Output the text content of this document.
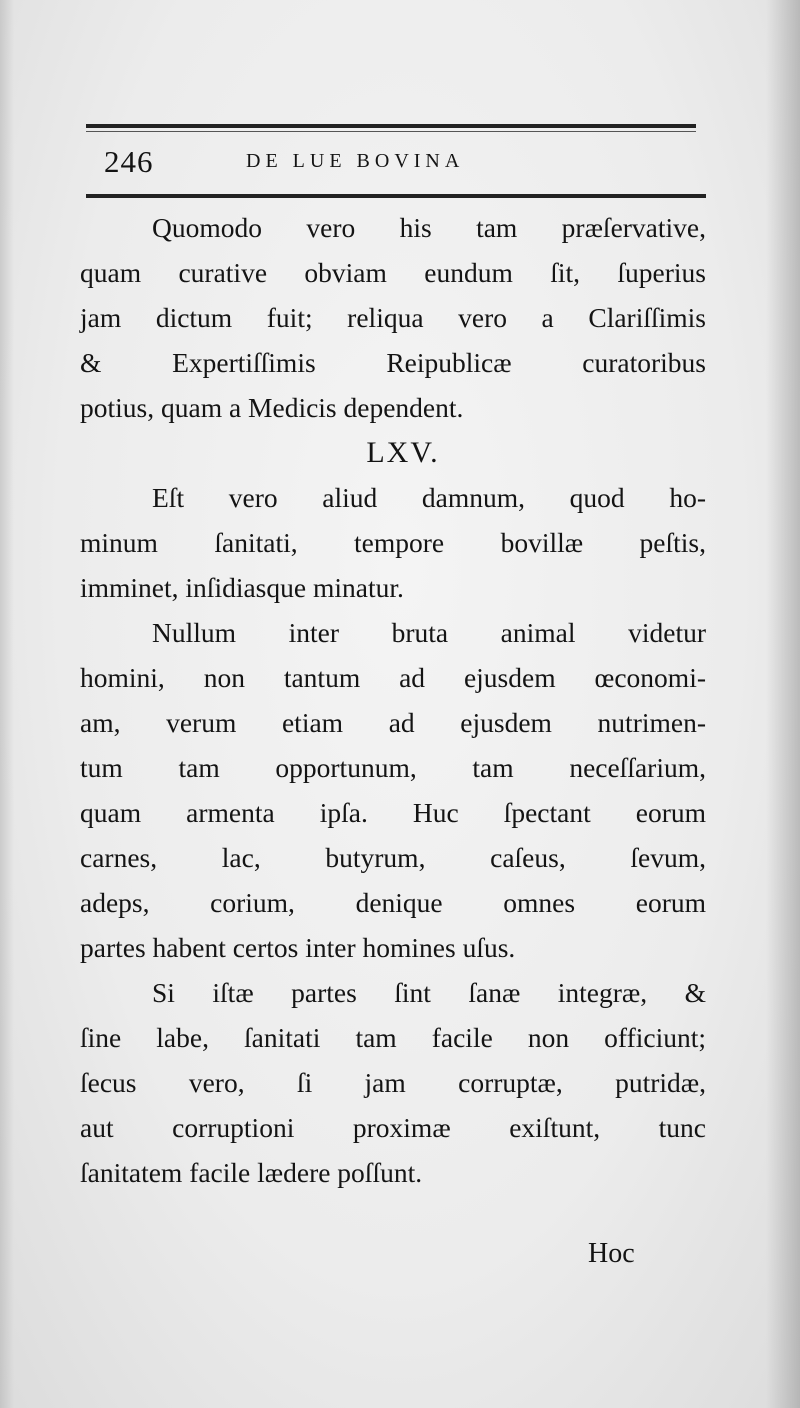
246	DE LUE BOVINA

Quomodo vero his tam præſervative,
quam curative obviam eundum ſit, ſuperius
jam dictum fuit; reliqua vero a Clariſſimis
& Expertiſſimis Reipublicæ curatoribus
potius, quam a Medicis dependent.

LXV.

Eſt vero aliud damnum, quod ho-
minum ſanitati, tempore bovillæ peſtis,
imminet, inſidiasque minatur.

Nullum inter bruta animal videtur
homini, non tantum ad ejusdem œconomi-
am, verum etiam ad ejusdem nutrimen-
tum tam opportunum, tam neceſſarium,
quam armenta ipſa. Huc ſpectant eorum
carnes, lac, butyrum, caſeus, ſevum,
adeps, corium, denique omnes eorum
partes habent certos inter homines uſus.

Si iſtæ partes ſint ſanæ integræ, &
ſine labe, ſanitati tam facile non officiunt;
ſecus vero, ſi jam corruptæ, putridæ,
aut corruptioni proximæ exiſtunt, tunc
ſanitatem facile lædere poſſunt.

Hoc
